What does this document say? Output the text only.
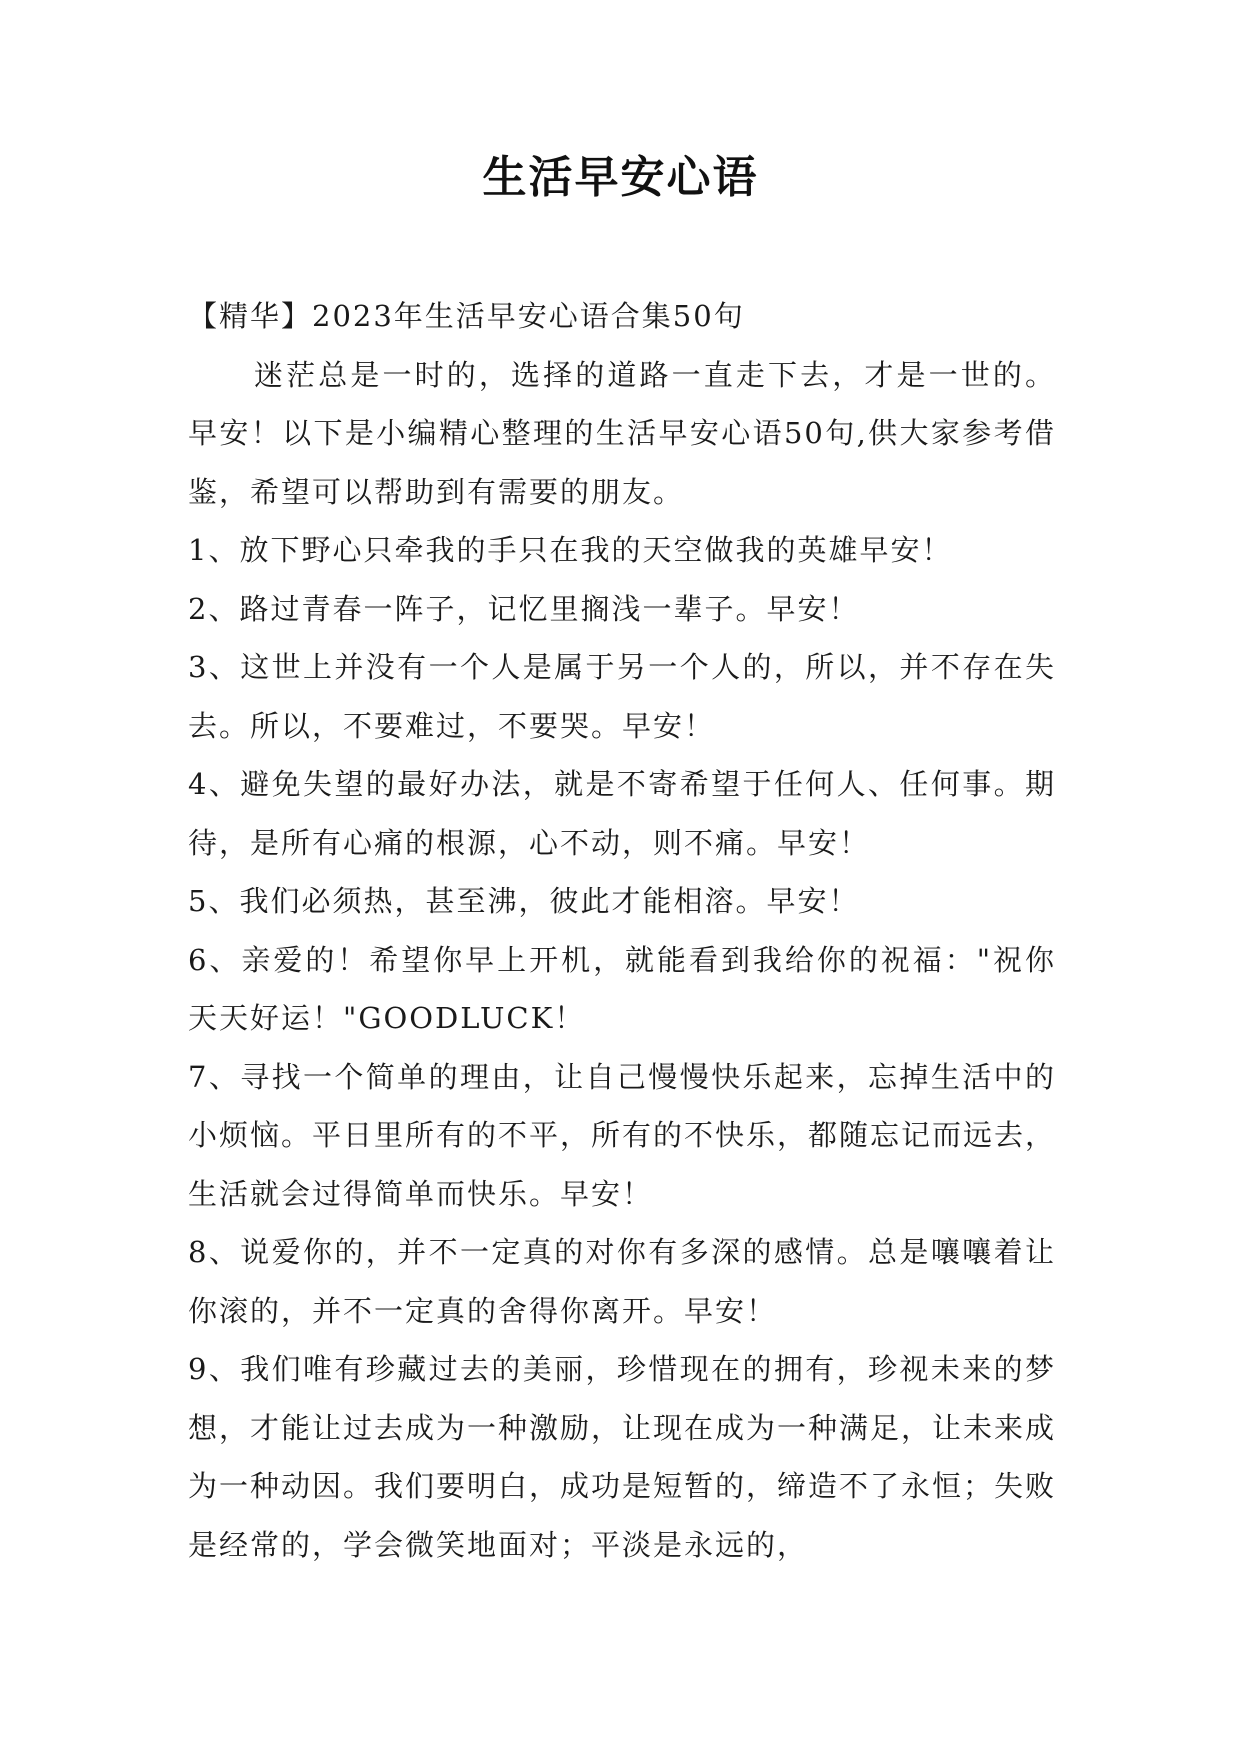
生活早安心语

【精华】2023年生活早安心语合集50句

迷茫总是一时的，选择的道路一直走下去，才是一世的。早安！以下是小编精心整理的生活早安心语50句,供大家参考借鉴，希望可以帮助到有需要的朋友。

1、放下野心只牵我的手只在我的天空做我的英雄早安！

2、路过青春一阵子，记忆里搁浅一辈子。早安！

3、这世上并没有一个人是属于另一个人的，所以，并不存在失去。所以，不要难过，不要哭。早安！

4、避免失望的最好办法，就是不寄希望于任何人、任何事。期待，是所有心痛的根源，心不动，则不痛。早安！

5、我们必须热，甚至沸，彼此才能相溶。早安！

6、亲爱的！希望你早上开机，就能看到我给你的祝福："祝你天天好运！"GOODLUCK！

7、寻找一个简单的理由，让自己慢慢快乐起来，忘掉生活中的小烦恼。平日里所有的不平，所有的不快乐，都随忘记而远去，生活就会过得简单而快乐。早安！

8、说爱你的，并不一定真的对你有多深的感情。总是嚷嚷着让你滚的，并不一定真的舍得你离开。早安！

9、我们唯有珍藏过去的美丽，珍惜现在的拥有，珍视未来的梦想，才能让过去成为一种激励，让现在成为一种满足，让未来成为一种动因。我们要明白，成功是短暂的，缔造不了永恒；失败是经常的，学会微笑地面对；平淡是永远的，
